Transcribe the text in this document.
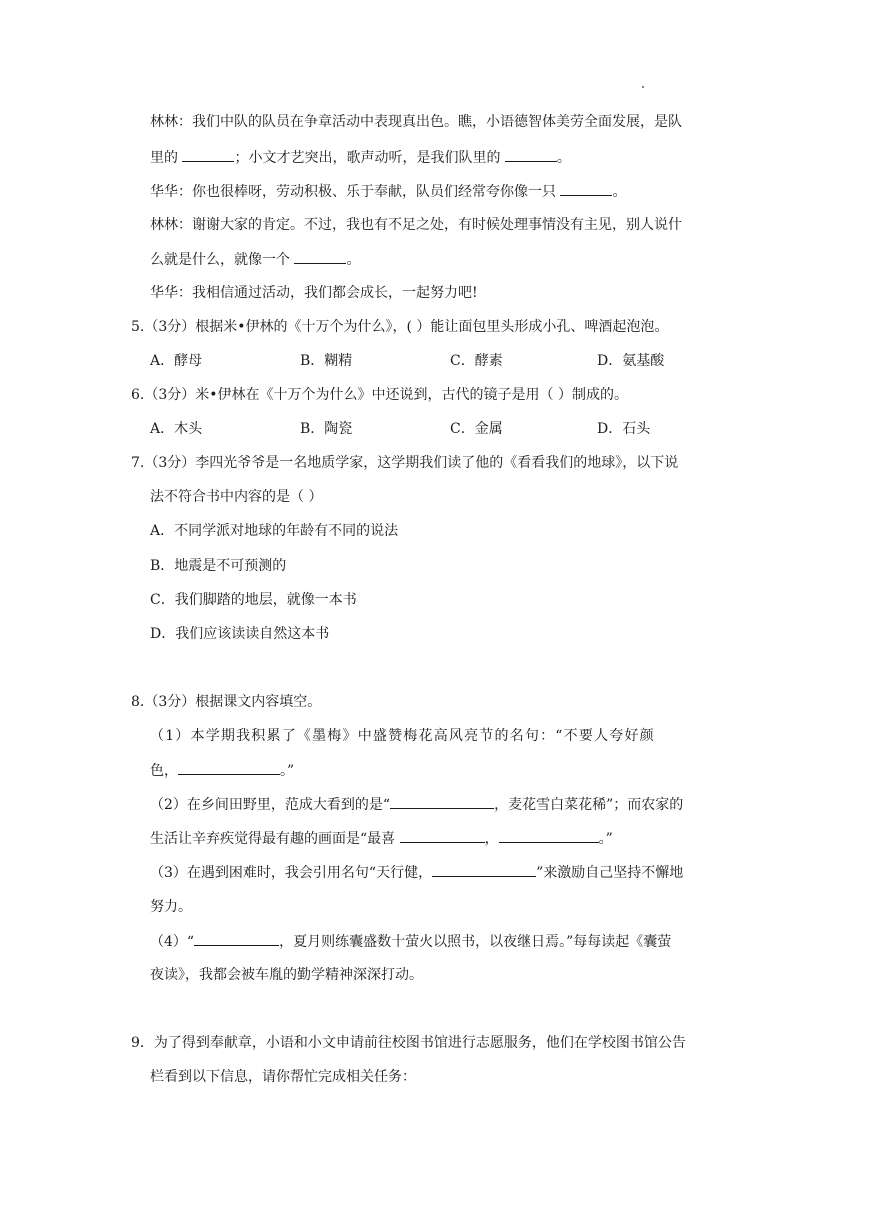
林林：我们中队的队员在争章活动中表现真出色。瞧，小语德智体美劳全面发展，是队
里的	；小文才艺突出，歌声动听，是我们队里的	。
华华：你也很棒呀，劳动积极、乐于奉献，队员们经常夸你像一只	。
林林：谢谢大家的肯定。不过，我也有不足之处，有时候处理事情没有主见，别人说什
么就是什么，就像一个	。
华华：我相信通过活动，我们都会成长，一起努力吧!
5.（3分）根据米•伊林的《十万个为什么》，( ）能让面包里头形成小孔、啤酒起泡泡。
A．酵母	B．糊精	C．酵素	D．氨基酸
6.（3分）米•伊林在《十万个为什么》中还说到，古代的镜子是用（ ）制成的。
A．木头	B．陶瓷	C．金属	D．石头
7.（3分）李四光爷爷是一名地质学家，这学期我们读了他的《看看我们的地球》，以下说
法不符合书中内容的是（ ）
A．不同学派对地球的年龄有不同的说法
B．地震是不可预测的
C．我们脚踏的地层，就像一本书
D．我们应该读读自然这本书
8.（3分）根据课文内容填空。
（1）本学期我积累了《墨梅》中盛赞梅花高风亮节的名句：“不要人夸好颜
色，	。”
（2）在乡间田野里，范成大看到的是“	，麦花雪白菜花稀”；而农家的
生活让辛弃疾觉得最有趣的画面是“最喜	，	。”
（3）在遇到困难时，我会引用名句“天行健，	”来激励自己坚持不懈地
努力。
（4）“	，夏月则练囊盛数十萤火以照书，以夜继日焉。”每每读起《囊萤
夜读》，我都会被车胤的勤学精神深深打动。
9．为了得到奉献章，小语和小文申请前往校图书馆进行志愿服务，他们在学校图书馆公告
栏看到以下信息，请你帮忙完成相关任务：
